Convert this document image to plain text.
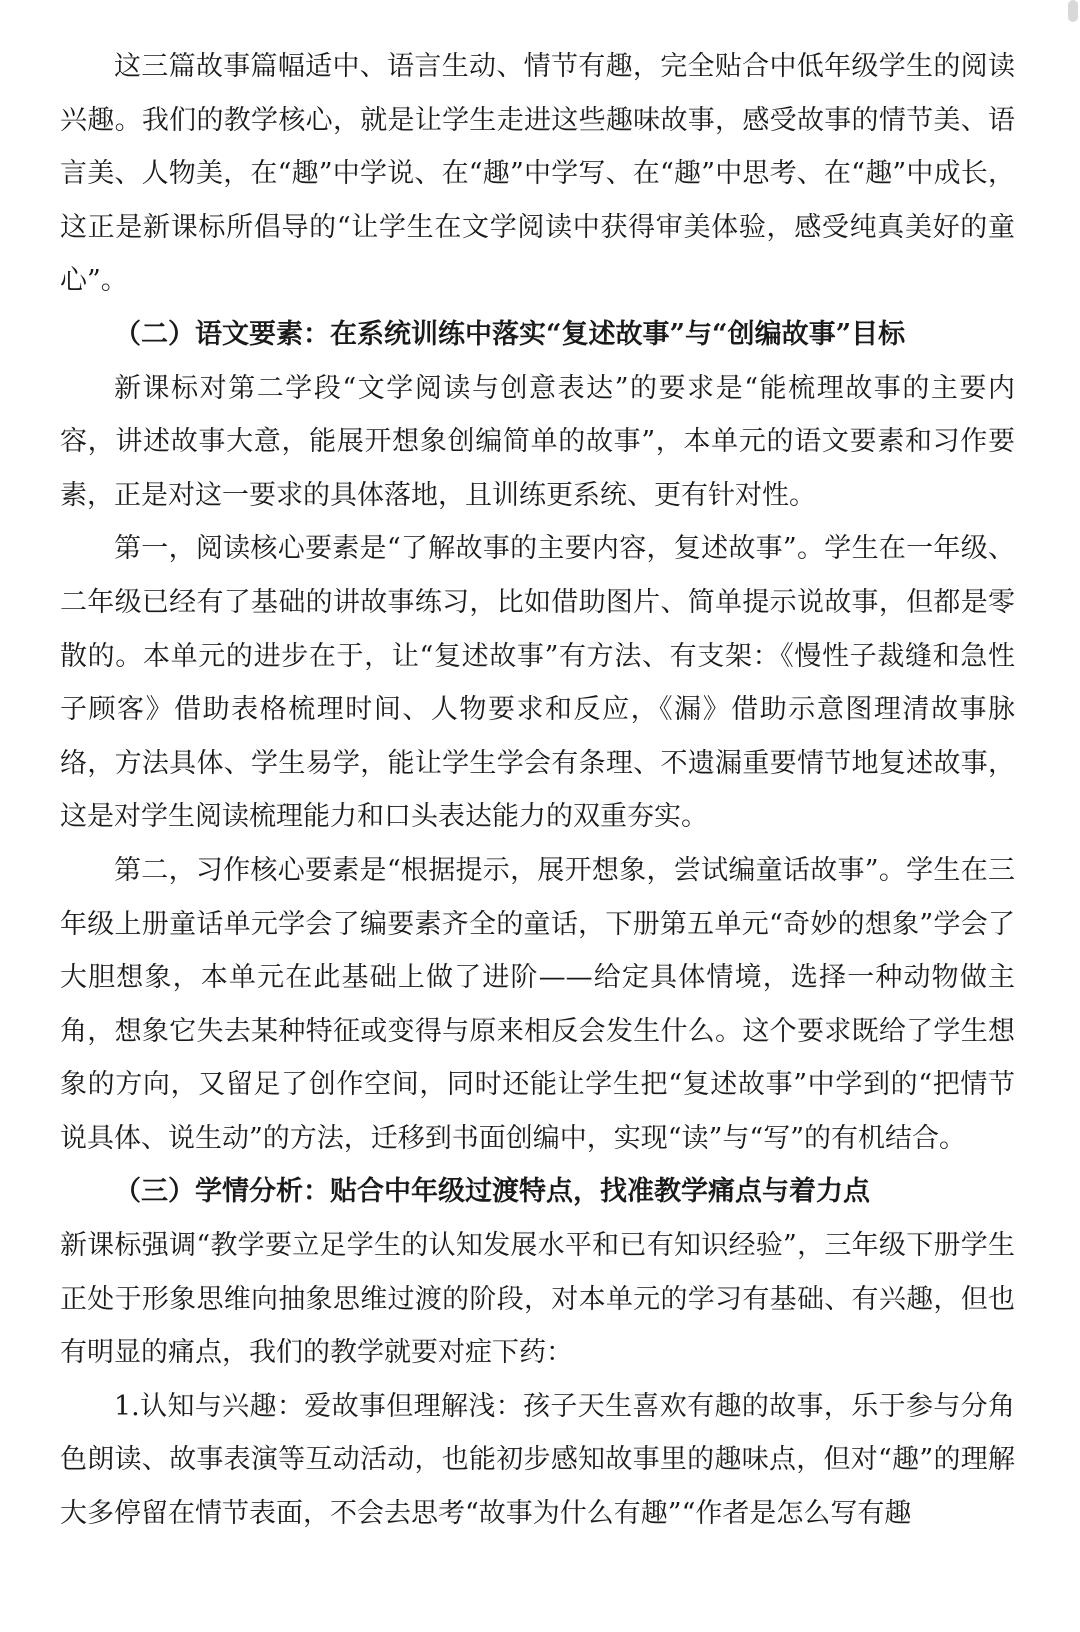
这三篇故事篇幅适中、语言生动、情节有趣，完全贴合中低年级学生的阅读兴趣。我们的教学核心，就是让学生走进这些趣味故事，感受故事的情节美、语言美、人物美，在“趣”中学说、在“趣”中学写、在“趣”中思考、在“趣”中成长，这正是新课标所倡导的“让学生在文学阅读中获得审美体验，感受纯真美好的童心”。

（二）语文要素：在系统训练中落实“复述故事”与“创编故事”目标

新课标对第二学段“文学阅读与创意表达”的要求是“能梳理故事的主要内容，讲述故事大意，能展开想象创编简单的故事”，本单元的语文要素和习作要素，正是对这一要求的具体落地，且训练更系统、更有针对性。

第一，阅读核心要素是“了解故事的主要内容，复述故事”。学生在一年级、二年级已经有了基础的讲故事练习，比如借助图片、简单提示说故事，但都是零散的。本单元的进步在于，让“复述故事”有方法、有支架：《慢性子裁缝和急性子顾客》借助表格梳理时间、人物要求和反应，《漏》借助示意图理清故事脉络，方法具体、学生易学，能让学生学会有条理、不遗漏重要情节地复述故事，这是对学生阅读梳理能力和口头表达能力的双重夯实。

第二，习作核心要素是“根据提示，展开想象，尝试编童话故事”。学生在三年级上册童话单元学会了编要素齐全的童话，下册第五单元“奇妙的想象”学会了大胆想象，本单元在此基础上做了进阶——给定具体情境，选择一种动物做主角，想象它失去某种特征或变得与原来相反会发生什么。这个要求既给了学生想象的方向，又留足了创作空间，同时还能让学生把“复述故事”中学到的“把情节说具体、说生动”的方法，迁移到书面创编中，实现“读”与“写”的有机结合。

（三）学情分析：贴合中年级过渡特点，找准教学痛点与着力点

新课标强调“教学要立足学生的认知发展水平和已有知识经验”，三年级下册学生正处于形象思维向抽象思维过渡的阶段，对本单元的学习有基础、有兴趣，但也有明显的痛点，我们的教学就要对症下药：

1.认知与兴趣：爱故事但理解浅：孩子天生喜欢有趣的故事，乐于参与分角色朗读、故事表演等互动活动，也能初步感知故事里的趣味点，但对“趣”的理解大多停留在情节表面，不会去思考“故事为什么有趣”“作者是怎么写有趣
